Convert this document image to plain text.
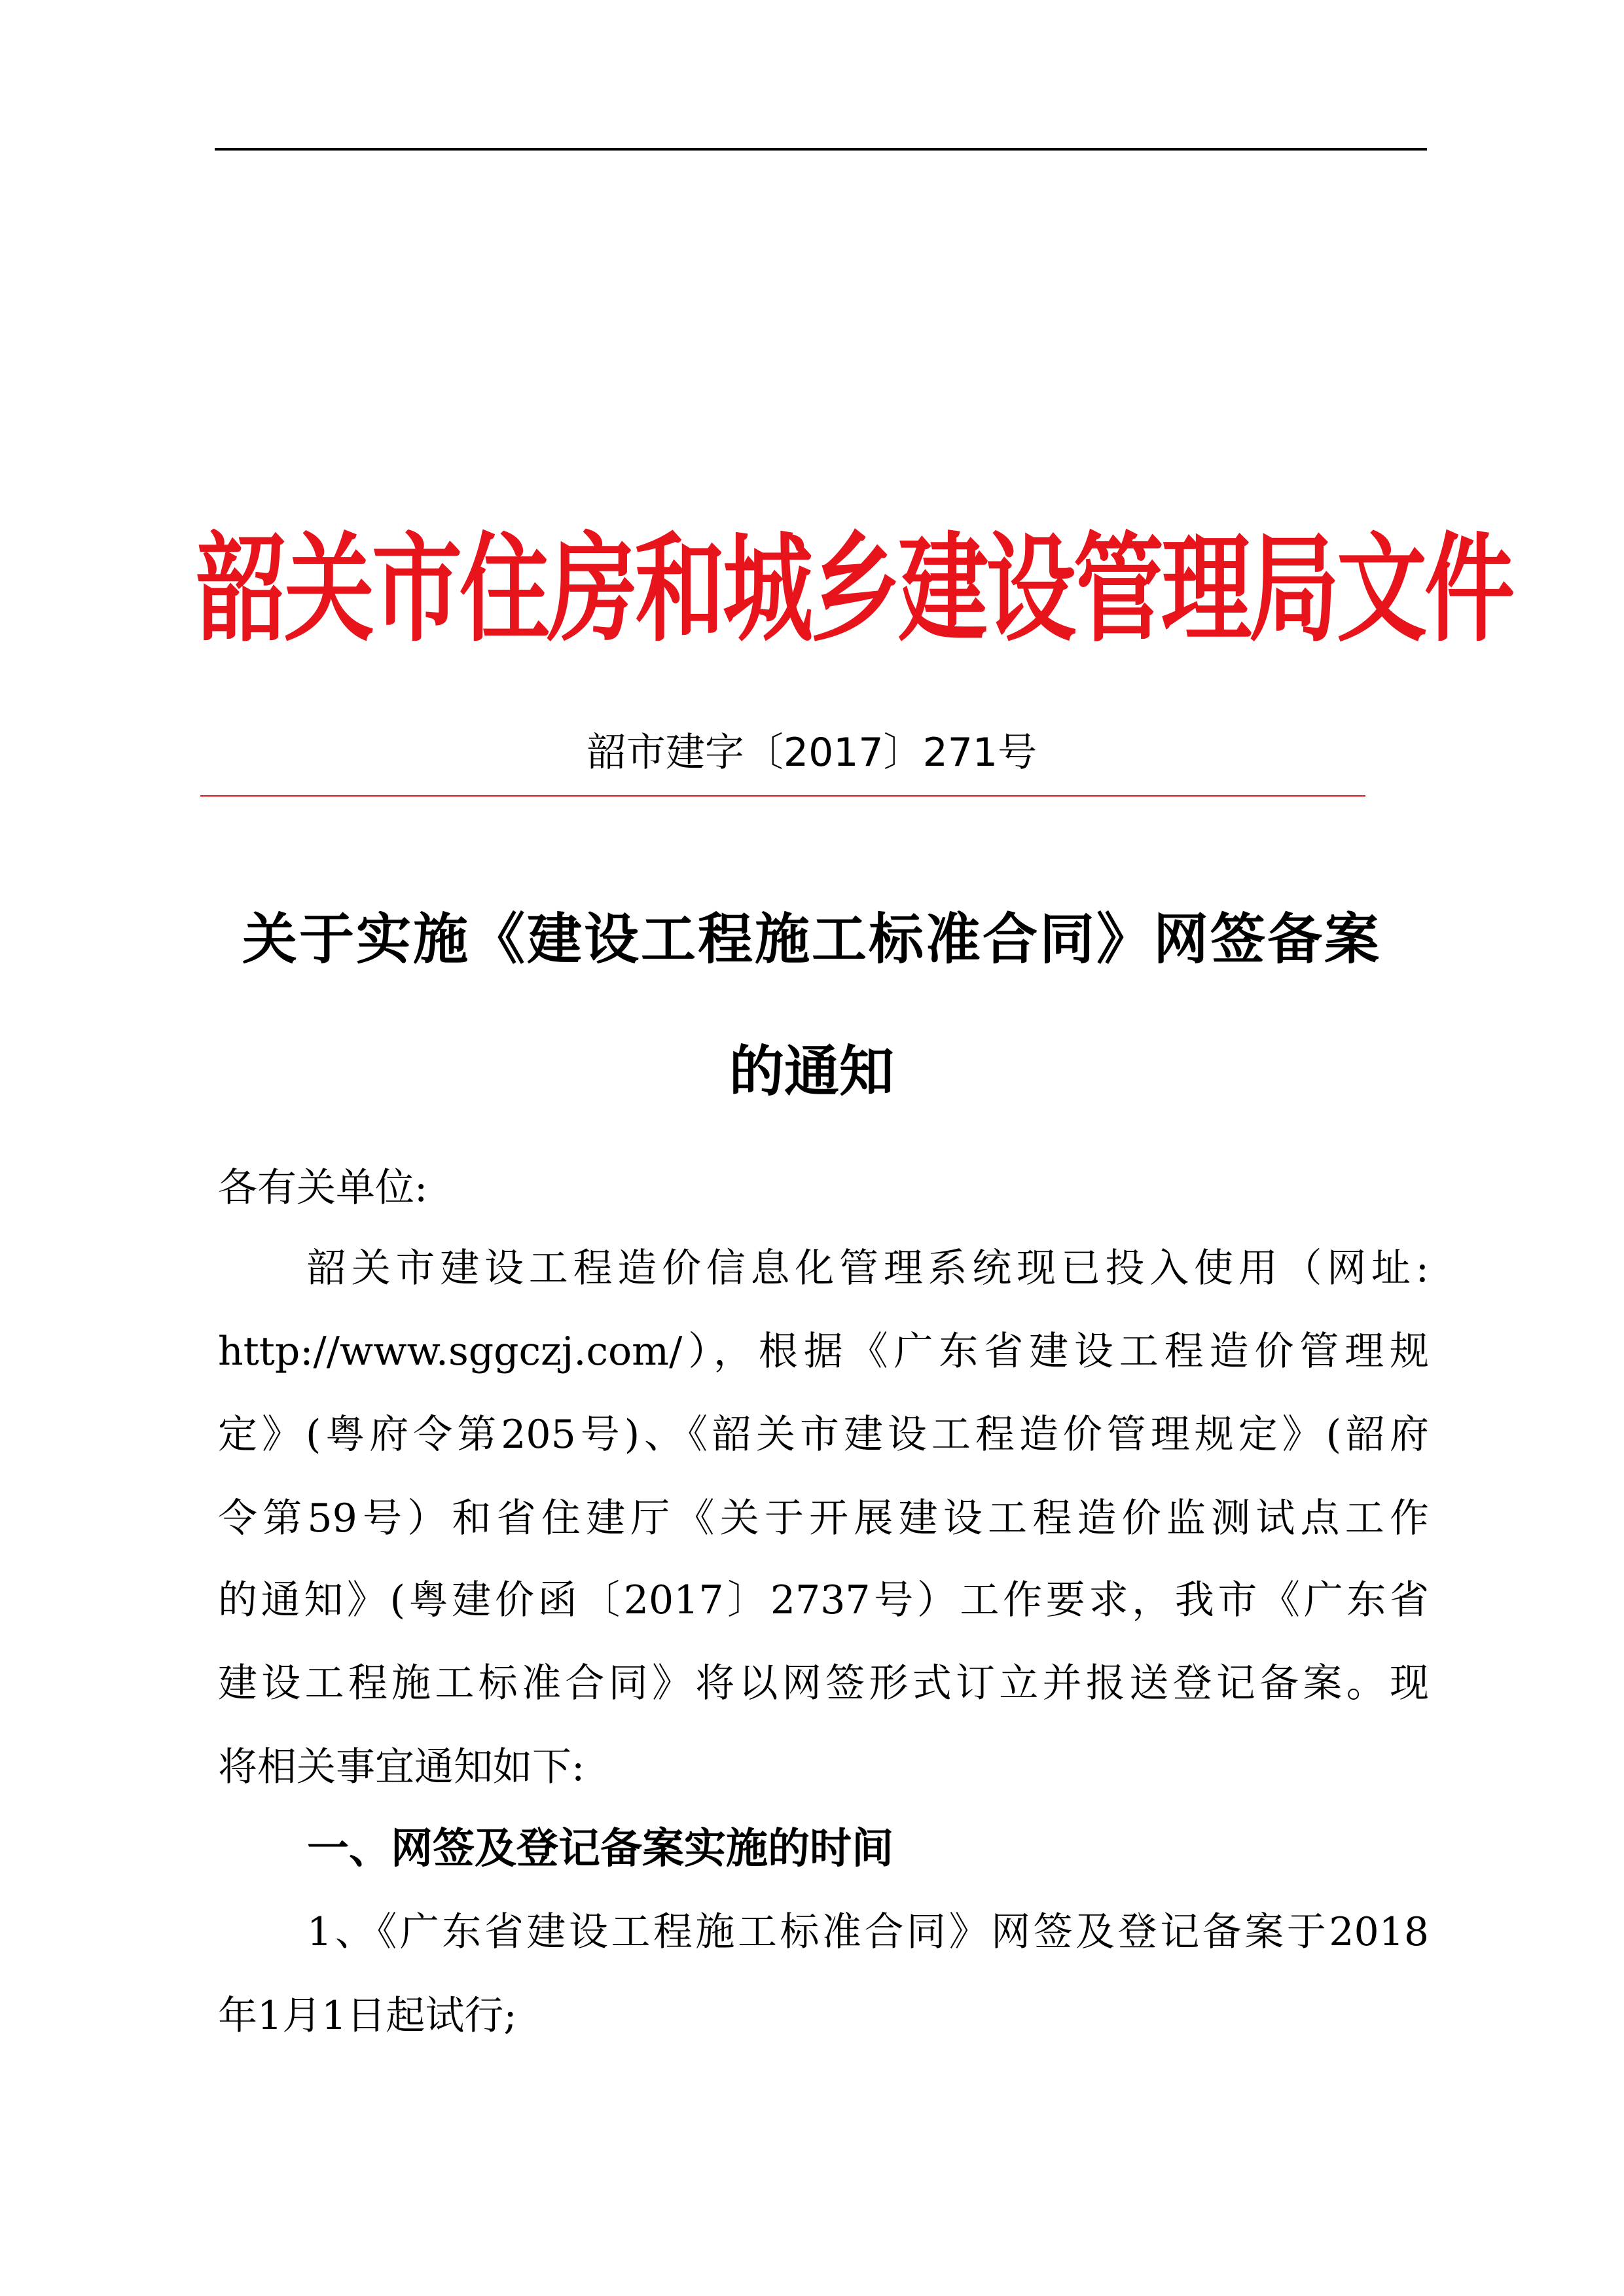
韶关市住房和城乡建设管理局文件
韶市建字〔2017〕271号
关于实施《建设工程施工标准合同》网签备案
的通知
各有关单位:
韶关市建设工程造价信息化管理系统现已投入使用（网址:
http://www.sggczj.com/），根据《广东省建设工程造价管理规
定》(粤府令第205号)、《韶关市建设工程造价管理规定》(韶府
令第59号）和省住建厅《关于开展建设工程造价监测试点工作
的通知》(粤建价函〔2017〕2737号）工作要求，我市《广东省
建设工程施工标准合同》将以网签形式订立并报送登记备案。现
将相关事宜通知如下:
一、网签及登记备案实施的时间
1、《广东省建设工程施工标准合同》网签及登记备案于2018
年1月1日起试行;
